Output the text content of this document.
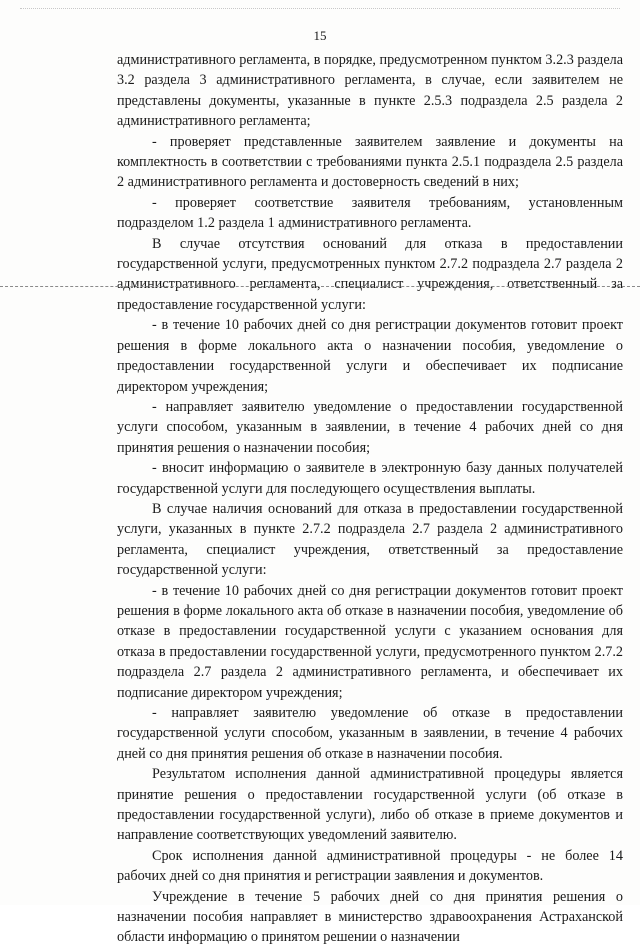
15

административного регламента, в порядке, предусмотренном пунктом 3.2.3 раздела 3.2 раздела 3 административного регламента, в случае, если заявителем не представлены документы, указанные в пункте 2.5.3 подраздела 2.5 раздела 2 административного регламента;

- проверяет представленные заявителем заявление и документы на комплектность в соответствии с требованиями пункта 2.5.1 подраздела 2.5 раздела 2 административного регламента и достоверность сведений в них;

- проверяет соответствие заявителя требованиям, установленным подразделом 1.2 раздела 1 административного регламента.

В случае отсутствия оснований для отказа в предоставлении государственной услуги, предусмотренных пунктом 2.7.2 подраздела 2.7 раздела 2 административного регламента, специалист учреждения, ответственный за предоставление государственной услуги:

- в течение 10 рабочих дней со дня регистрации документов готовит проект решения в форме локального акта о назначении пособия, уведомление о предоставлении государственной услуги и обеспечивает их подписание директором учреждения;

- направляет заявителю уведомление о предоставлении государственной услуги способом, указанным в заявлении, в течение 4 рабочих дней со дня принятия решения о назначении пособия;

- вносит информацию о заявителе в электронную базу данных получателей государственной услуги для последующего осуществления выплаты.

В случае наличия оснований для отказа в предоставлении государственной услуги, указанных в пункте 2.7.2 подраздела 2.7 раздела 2 административного регламента, специалист учреждения, ответственный за предоставление государственной услуги:

- в течение 10 рабочих дней со дня регистрации документов готовит проект решения в форме локального акта об отказе в назначении пособия, уведомление об отказе в предоставлении государственной услуги с указанием основания для отказа в предоставлении государственной услуги, предусмотренного пунктом 2.7.2 подраздела 2.7 раздела 2 административного регламента, и обеспечивает их подписание директором учреждения;

- направляет заявителю уведомление об отказе в предоставлении государственной услуги способом, указанным в заявлении, в течение 4 рабочих дней со дня принятия решения об отказе в назначении пособия.

Результатом исполнения данной административной процедуры является принятие решения о предоставлении государственной услуги (об отказе в предоставлении государственной услуги), либо об отказе в приеме документов и направление соответствующих уведомлений заявителю.

Срок исполнения данной административной процедуры - не более 14 рабочих дней со дня принятия и регистрации заявления и документов.

Учреждение в течение 5 рабочих дней со дня принятия решения о назначении пособия направляет в министерство здравоохранения Астраханской области информацию о принятом решении о назначении
